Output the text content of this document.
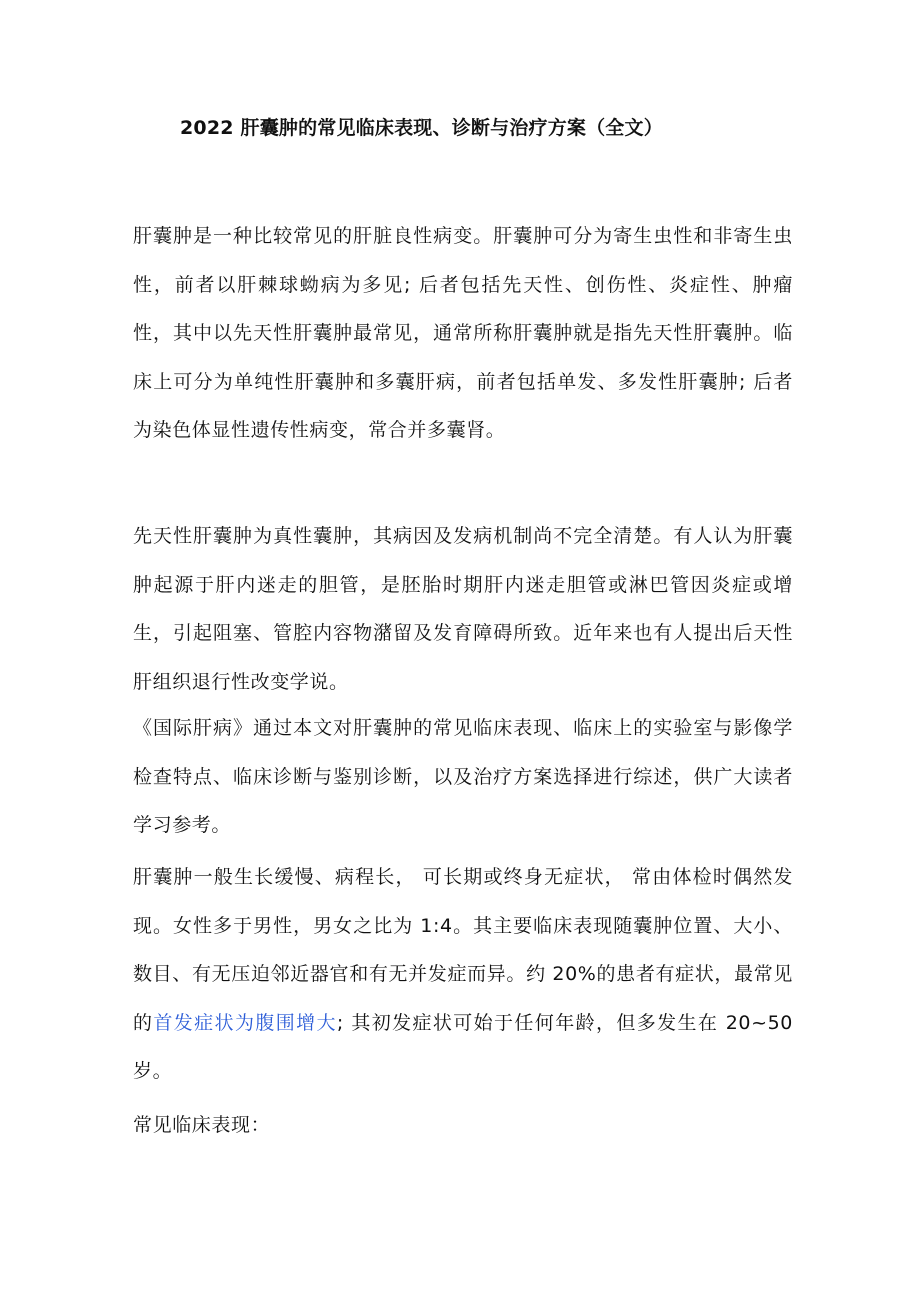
2022 肝囊肿的常见临床表现、诊断与治疗方案（全文）

肝囊肿是一种比较常见的肝脏良性病变。肝囊肿可分为寄生虫性和非寄生虫性，前者以肝棘球蚴病为多见; 后者包括先天性、创伤性、炎症性、肿瘤性，其中以先天性肝囊肿最常见，通常所称肝囊肿就是指先天性肝囊肿。临床上可分为单纯性肝囊肿和多囊肝病，前者包括单发、多发性肝囊肿; 后者为染色体显性遗传性病变，常合并多囊肾。

先天性肝囊肿为真性囊肿，其病因及发病机制尚不完全清楚。有人认为肝囊肿起源于肝内迷走的胆管，是胚胎时期肝内迷走胆管或淋巴管因炎症或增生，引起阻塞、管腔内容物潴留及发育障碍所致。近年来也有人提出后天性肝组织退行性改变学说。

《国际肝病》通过本文对肝囊肿的常见临床表现、临床上的实验室与影像学检查特点、临床诊断与鉴别诊断，以及治疗方案选择进行综述，供广大读者学习参考。

肝囊肿一般生长缓慢、病程长， 可长期或终身无症状， 常由体检时偶然发现。女性多于男性，男女之比为 1:4。其主要临床表现随囊肿位置、大小、数目、有无压迫邻近器官和有无并发症而异。约 20%的患者有症状，最常见的首发症状为腹围增大; 其初发症状可始于任何年龄，但多发生在 20~50 岁。

常见临床表现：
